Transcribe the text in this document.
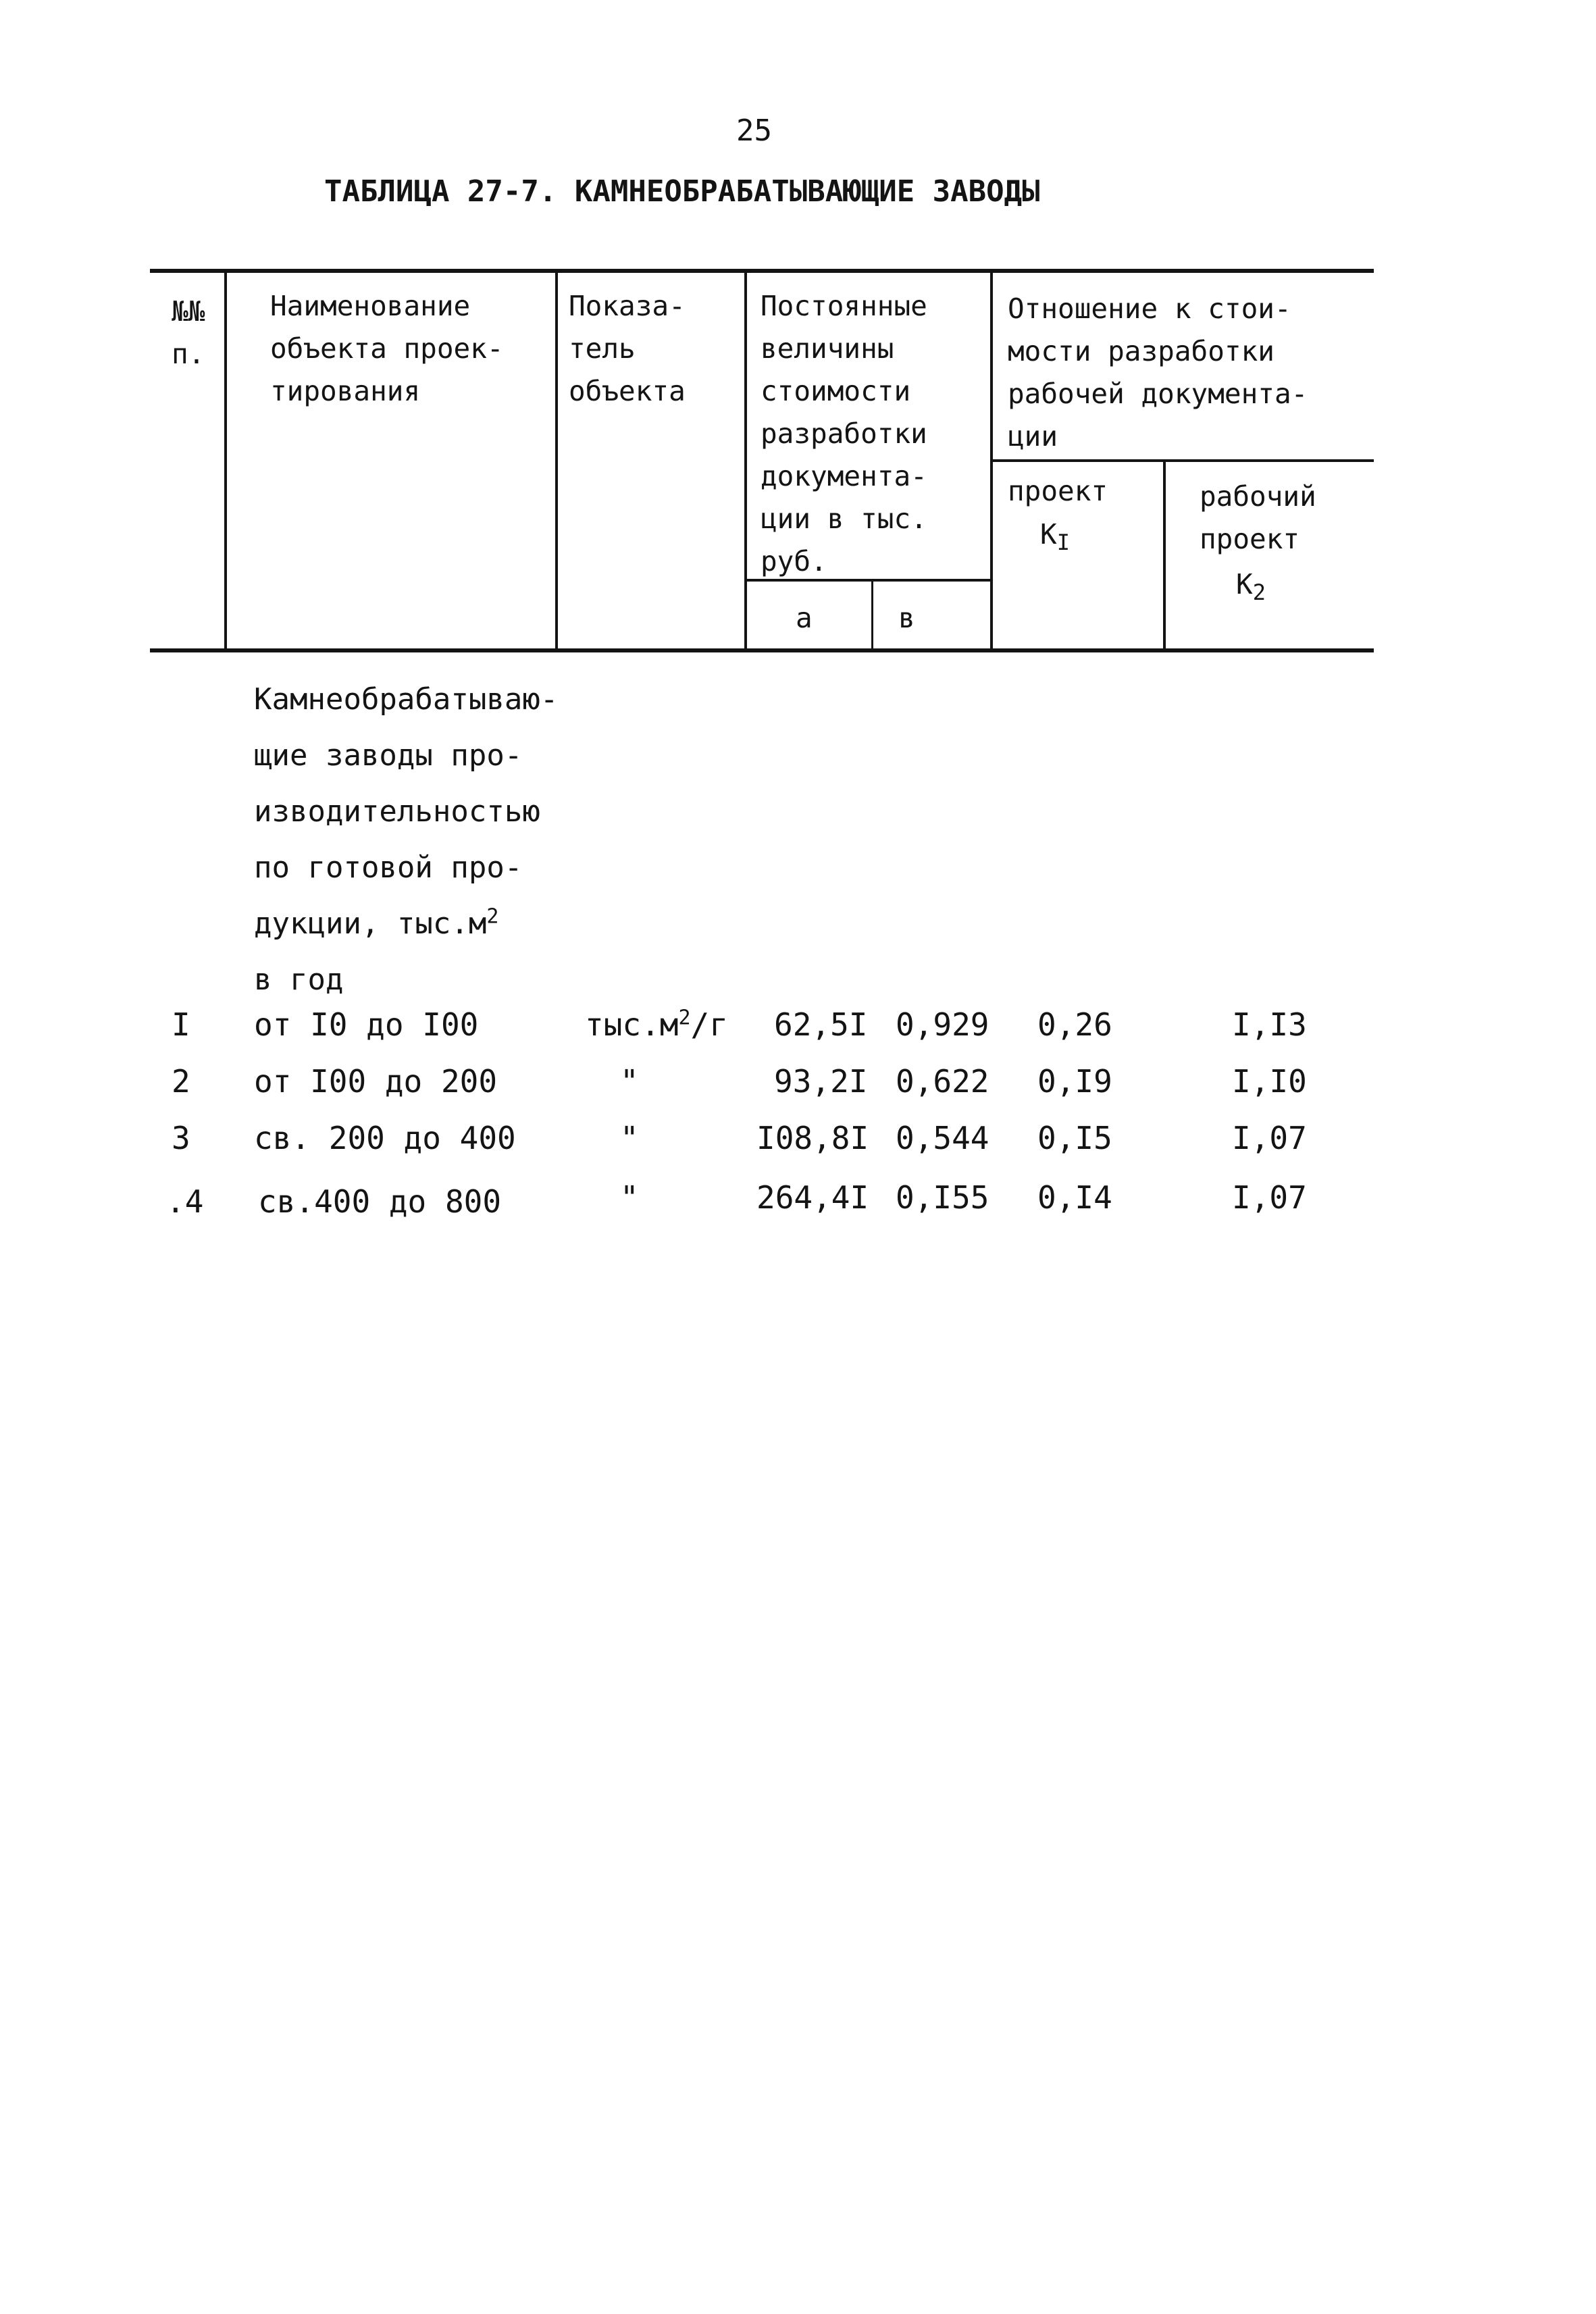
25
ТАБЛИЦА 27-7. КАМНЕОБРАБАТЫВАЮЩИЕ ЗАВОДЫ
№№
п.
Наименование
объекта проек-
тирования
Показа-
тель
объекта
Постоянные
величины
стоимости
разработки
документа-
ции в тыс.
руб.
а	в
Отношение к стои-
мости разработки
рабочей документа-
ции
проект
$K_I$
рабочий
проект
$K_2$
Камнеобрабатываю-
щие заводы про-
изводительностью
по готовой про-
дукции, $тыс.м^2$
в год
I от I0 до I00	$тыс.м^2/г$ 62,5I 0,929 0,26	I,I3
2 от I00 до 200	"	93,2I 0,622 0,I9	I,I0
3 св. 200 до 400	"	I08,8I 0,544 0,I5	I,07
.4 св.400 до 800	"	264,4I 0,I55 0,I4	I,07
